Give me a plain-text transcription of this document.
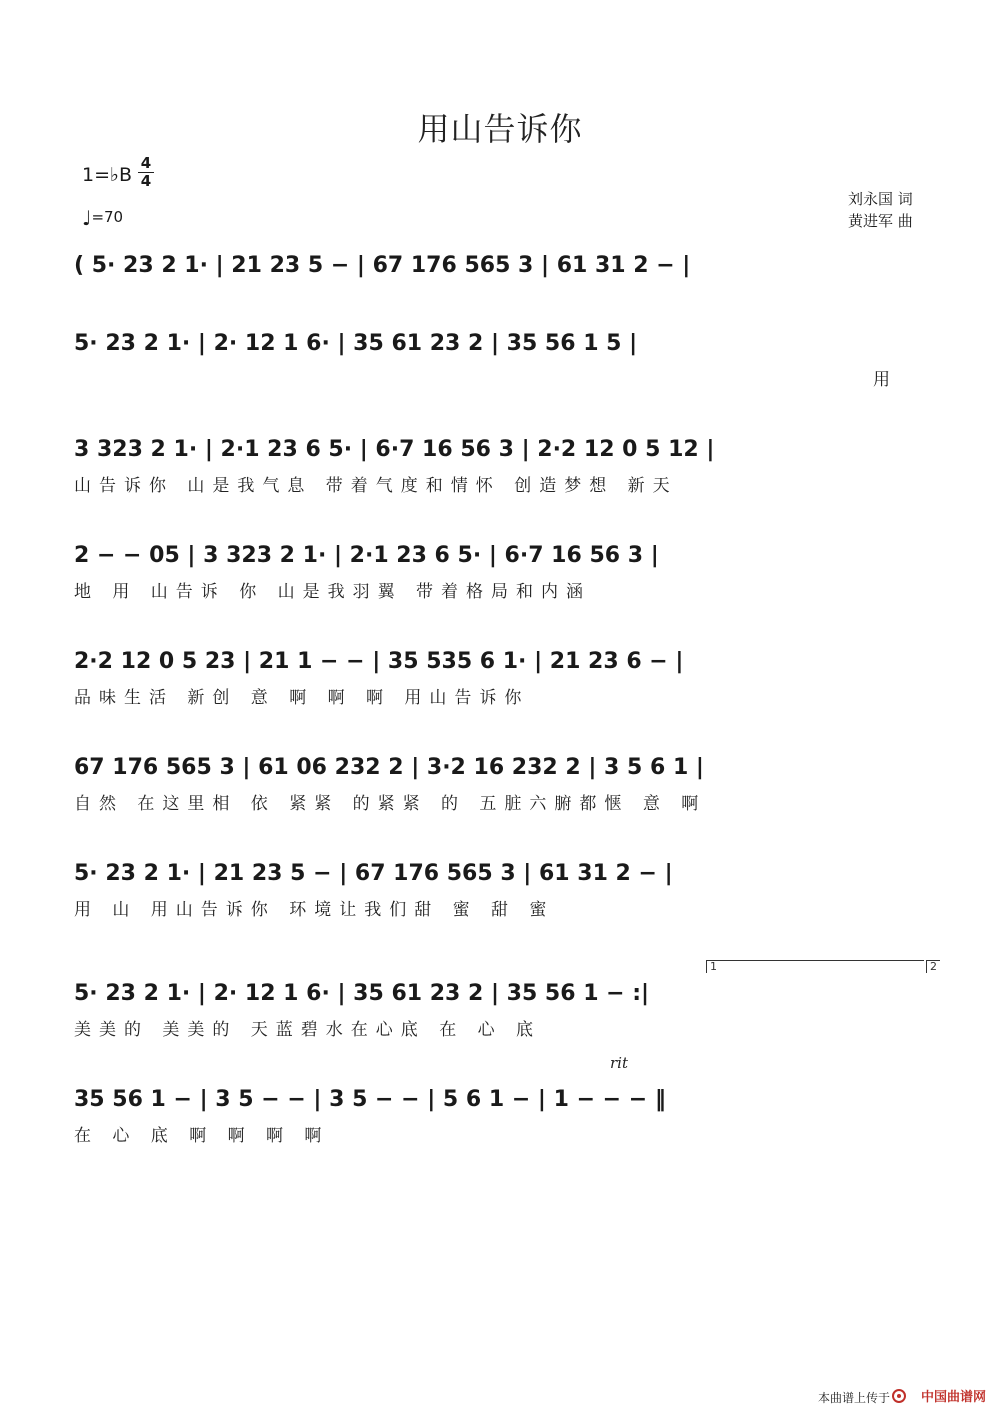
用山告诉你
1=♭B
4
4
♩=70
刘永国 词
黄进军 曲
( 5· 23 2 1· | 21 23 5 − | 67 176 565 3 | 61 31 2 − |
5· 23 2 1· | 2· 12 1 6· | 35 61 23 2 | 35 56 1 5 |
用
3 323 2 1· | 2·1 23 6 5· | 6·7 16 56 3 | 2·2 12 0 5 12 |
山告诉你 山是我气息 带着气度和情怀 创造梦想 新天
2 − − 05 | 3 323 2 1· | 2·1 23 6 5· | 6·7 16 56 3 |
地 用 山告诉 你 山是我羽翼 带着格局和内涵
2·2 12 0 5 23 | 21 1 − − | 35 535 6 1· | 21 23 6 − |
品味生活 新创 意 啊 啊 啊 用山告诉你
67 176 565 3 | 61 06 232 2 | 3·2 16 232 2 | 3 5 6 1 |
自然 在这里相 依 紧紧 的紧紧 的 五脏六腑都惬 意 啊
5· 23 2 1· | 21 23 5 − | 67 176 565 3 | 61 31 2 − |
用 山 用山告诉你 环境让我们甜 蜜 甜 蜜
1	2
5· 23 2 1· | 2· 12 1 6· | 35 61 23 2 | 35 56 1 − :|
美美的 美美的 天蓝碧水在心底 在 心 底
rit
35 56 1 − | 3 5 − − | 3 5 − − | 5 6 1 − | 1 − − − ‖
在 心 底 啊 啊 啊 啊
本曲谱上传于 中国曲谱网
